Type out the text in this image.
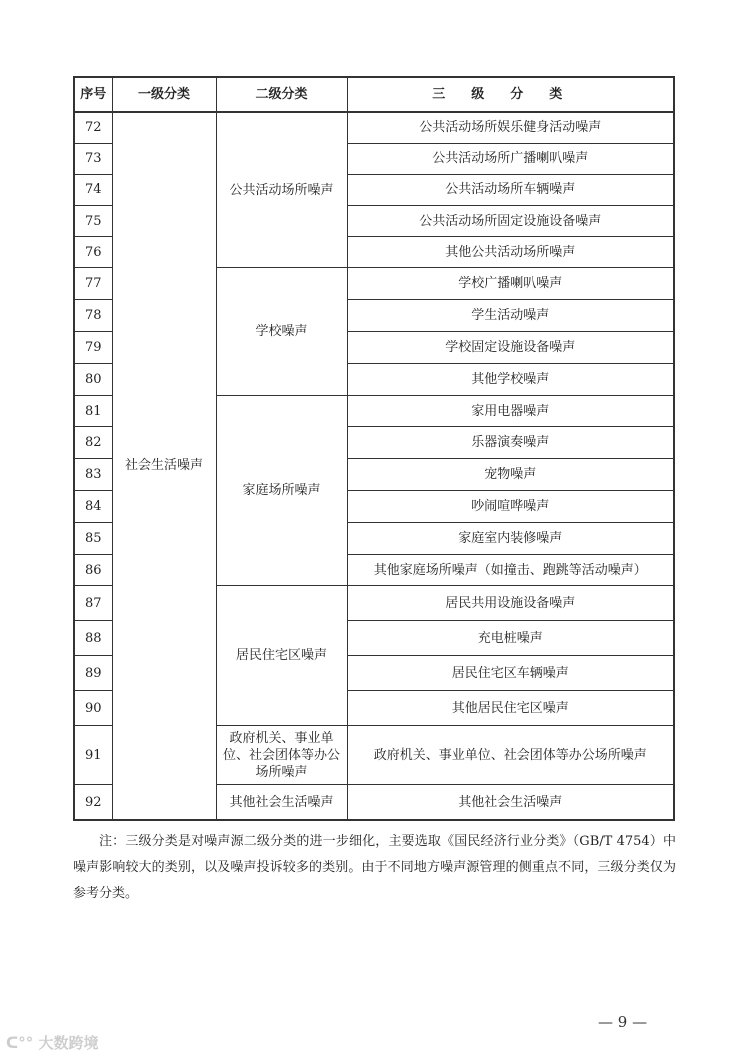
序号	一级分类	二级分类	三级分类
72	社会生活噪声	公共活动场所噪声	公共活动场所娱乐健身活动噪声
73			公共活动场所广播喇叭噪声
74			公共活动场所车辆噪声
75			公共活动场所固定设施设备噪声
76			其他公共活动场所噪声
77		学校噪声	学校广播喇叭噪声
78			学生活动噪声
79			学校固定设施设备噪声
80			其他学校噪声
81		家庭场所噪声	家用电器噪声
82			乐器演奏噪声
83			宠物噪声
84			吵闹喧哗噪声
85			家庭室内装修噪声
86			其他家庭场所噪声（如撞击、跑跳等活动噪声）
87		居民住宅区噪声	居民共用设施设备噪声
88			充电桩噪声
89			居民住宅区车辆噪声
90			其他居民住宅区噪声
91		政府机关、事业单位、社会团体等办公场所噪声	政府机关、事业单位、社会团体等办公场所噪声
92		其他社会生活噪声	其他社会生活噪声
注：三级分类是对噪声源二级分类的进一步细化，主要选取《国民经济行业分类》（GB/T 4754）中噪声影响较大的类别，以及噪声投诉较多的类别。由于不同地方噪声源管理的侧重点不同，三级分类仅为参考分类。
— 9 —
ᑕ°° 大数跨境
